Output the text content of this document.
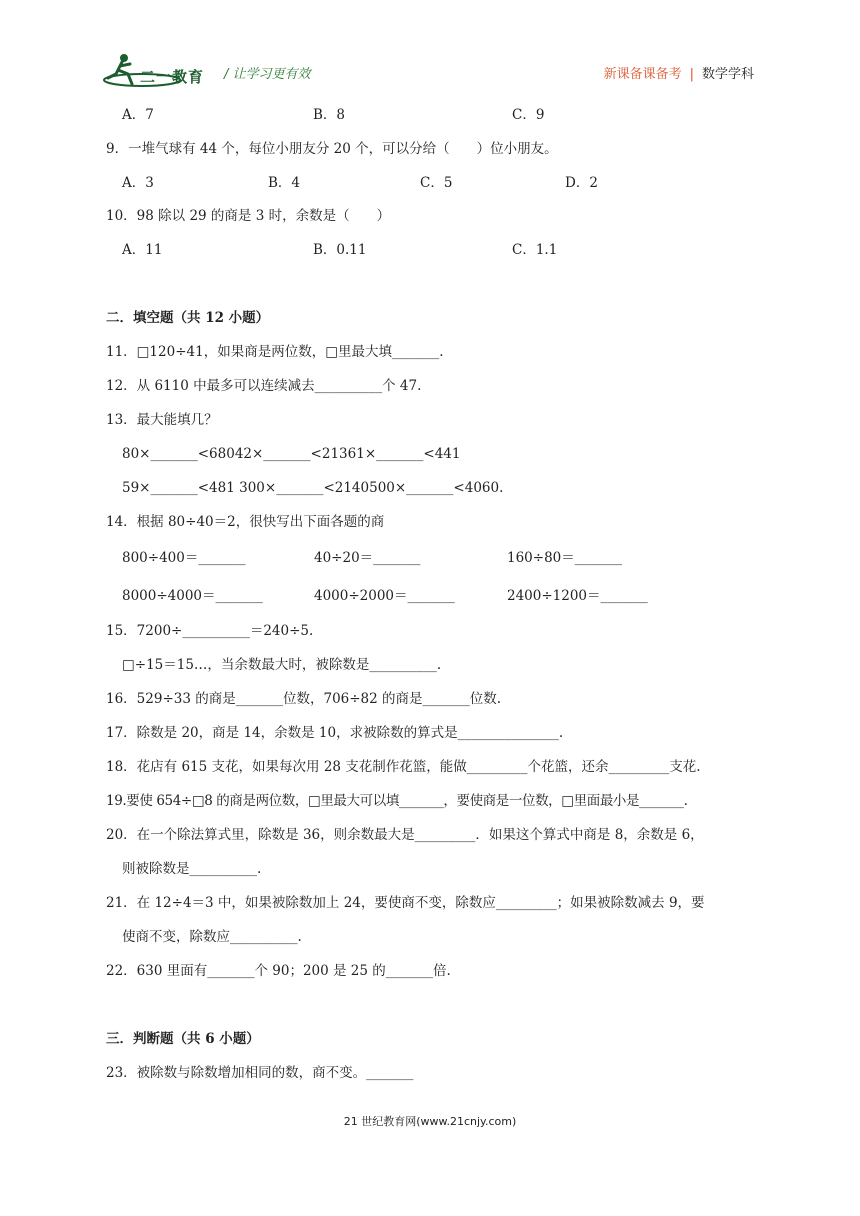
二一教育 / 让学习更有效	新课备课备考 | 数学学科
A．7	B．8	C．9
9．一堆气球有 44 个，每位小朋友分 20 个，可以分给（　　）位小朋友。
A．3	B．4	C．5	D．2
10．98 除以 29 的商是 3 时，余数是（　　）
A．11	B．0.11	C．1.1
二．填空题（共 12 小题）
11．□120÷41，如果商是两位数，□里最大填_______.
12．从 6110 中最多可以连续减去__________个 47.
13．最大能填几？
80×_______<68042×_______<21361×_______<441
59×_______<481 300×_______<2140500×_______<4060.
14．根据 80÷40＝2，很快写出下面各题的商
800÷400＝_______	40÷20＝_______	160÷80＝_______
8000÷4000＝_______	4000÷2000＝_______	2400÷1200＝_______
15．7200÷__________＝240÷5.
□÷15＝15…，当余数最大时，被除数是__________.
16．529÷33 的商是_______位数，706÷82 的商是_______位数.
17．除数是 20，商是 14，余数是 10，求被除数的算式是_______________.
18．花店有 615 支花，如果每次用 28 支花制作花篮，能做_________个花篮，还余_________支花.
19.要使 654÷□8 的商是两位数，□里最大可以填_______，要使商是一位数，□里面最小是_______.
20．在一个除法算式里，除数是 36，则余数最大是_________．如果这个算式中商是 8，余数是 6，
则被除数是__________.
21．在 12÷4＝3 中，如果被除数加上 24，要使商不变，除数应_________；如果被除数减去 9，要
使商不变，除数应__________.
22．630 里面有_______个 90；200 是 25 的_______倍.
三．判断题（共 6 小题）
23．被除数与除数增加相同的数，商不变。_______
21 世纪教育网(www.21cnjy.com)
